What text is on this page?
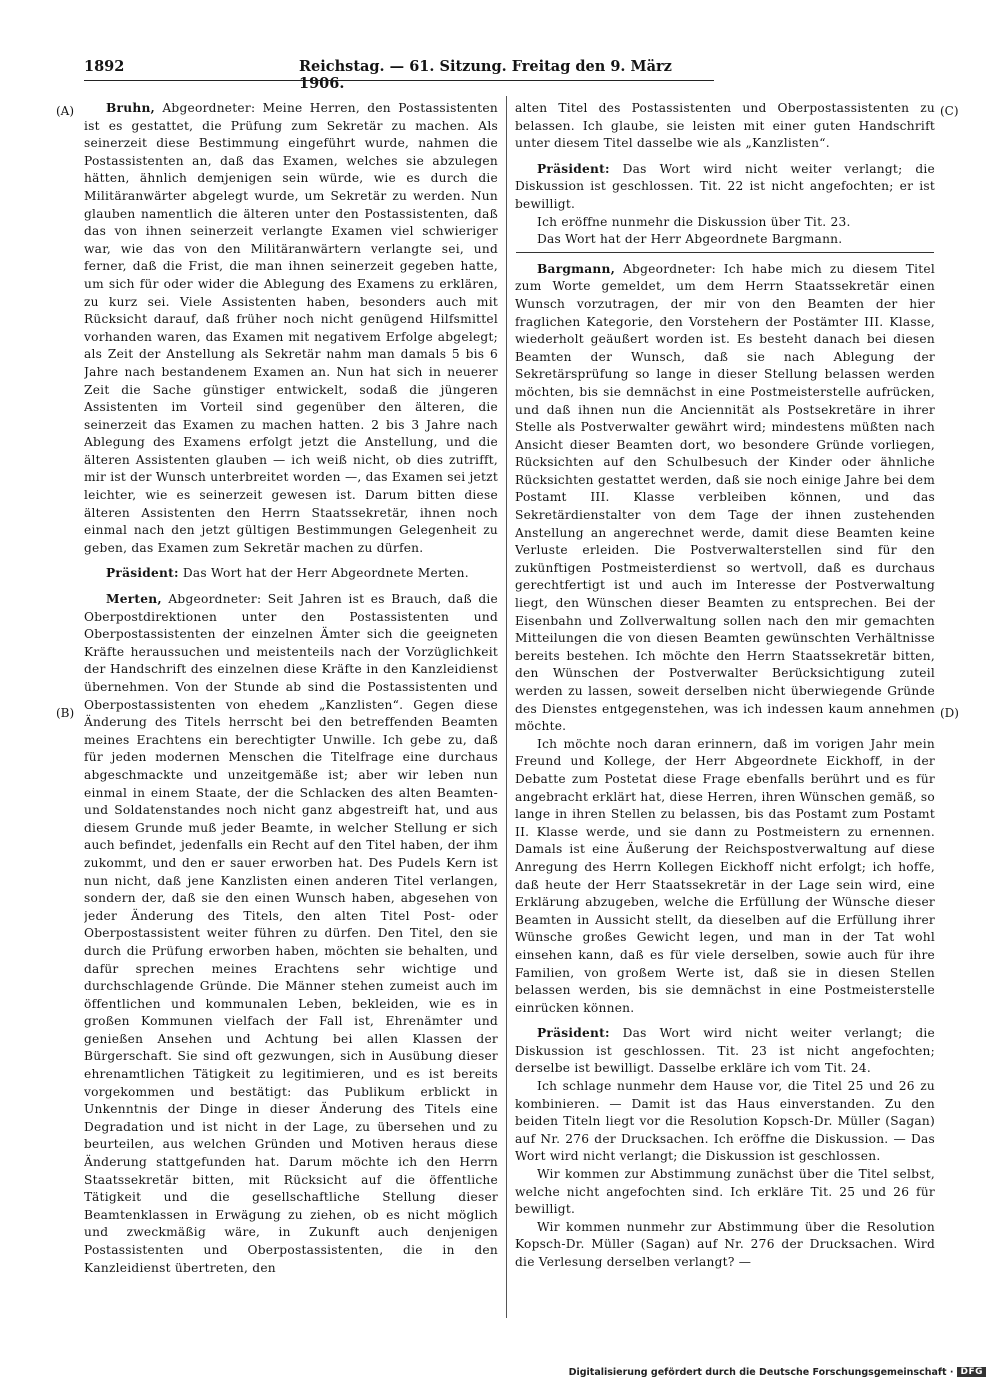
1892	Reichstag. — 61. Sitzung. Freitag den 9. März 1906.
(A)
(B)
(C)
(D)

Bruhn, Abgeordneter: Meine Herren, den Postassistenten ist es gestattet, die Prüfung zum Sekretär zu machen. Als seinerzeit diese Bestimmung eingeführt wurde, nahmen die Postassistenten an, daß das Examen, welches sie abzulegen hätten, ähnlich demjenigen sein würde, wie es durch die Militäranwärter abgelegt wurde, um Sekretär zu werden. Nun glauben namentlich die älteren unter den Postassistenten, daß das von ihnen seinerzeit verlangte Examen viel schwieriger war, wie das von den Militäranwärtern verlangte sei, und ferner, daß die Frist, die man ihnen seinerzeit gegeben hatte, um sich für oder wider die Ablegung des Examens zu erklären, zu kurz sei. Viele Assistenten haben, besonders auch mit Rücksicht darauf, daß früher noch nicht genügend Hilfsmittel vorhanden waren, das Examen mit negativem Erfolge abgelegt; als Zeit der Anstellung als Sekretär nahm man damals 5 bis 6 Jahre nach bestandenem Examen an. Nun hat sich in neuerer Zeit die Sache günstiger entwickelt, sodaß die jüngeren Assistenten im Vorteil sind gegenüber den älteren, die seinerzeit das Examen zu machen hatten. 2 bis 3 Jahre nach Ablegung des Examens erfolgt jetzt die Anstellung, und die älteren Assistenten glauben — ich weiß nicht, ob dies zutrifft, mir ist der Wunsch unterbreitet worden —, das Examen sei jetzt leichter, wie es seinerzeit gewesen ist. Darum bitten diese älteren Assistenten den Herrn Staatssekretär, ihnen noch einmal nach den jetzt gültigen Bestimmungen Gelegenheit zu geben, das Examen zum Sekretär machen zu dürfen.

Präsident: Das Wort hat der Herr Abgeordnete Merten.

Merten, Abgeordneter: Seit Jahren ist es Brauch, daß die Oberpostdirektionen unter den Postassistenten und Oberpostassistenten der einzelnen Ämter sich die geeigneten Kräfte heraussuchen und meistenteils nach der Vorzüglichkeit der Handschrift des einzelnen diese Kräfte in den Kanzleidienst übernehmen. Von der Stunde ab sind die Postassistenten und Oberpostassistenten von ehedem „Kanzlisten“. Gegen diese Änderung des Titels herrscht bei den betreffenden Beamten meines Erachtens ein berechtigter Unwille. Ich gebe zu, daß für jeden modernen Menschen die Titelfrage eine durchaus abgeschmackte und unzeitgemäße ist; aber wir leben nun einmal in einem Staate, der die Schlacken des alten Beamten- und Soldatenstandes noch nicht ganz abgestreift hat, und aus diesem Grunde muß jeder Beamte, in welcher Stellung er sich auch befindet, jedenfalls ein Recht auf den Titel haben, der ihm zukommt, und den er sauer erworben hat. Des Pudels Kern ist nun nicht, daß jene Kanzlisten einen anderen Titel verlangen, sondern der, daß sie den einen Wunsch haben, abgesehen von jeder Änderung des Titels, den alten Titel Post- oder Oberpostassistent weiter führen zu dürfen. Den Titel, den sie durch die Prüfung erworben haben, möchten sie behalten, und dafür sprechen meines Erachtens sehr wichtige und durchschlagende Gründe. Die Männer stehen zumeist auch im öffentlichen und kommunalen Leben, bekleiden, wie es in großen Kommunen vielfach der Fall ist, Ehrenämter und genießen Ansehen und Achtung bei allen Klassen der Bürgerschaft. Sie sind oft gezwungen, sich in Ausübung dieser ehrenamtlichen Tätigkeit zu legitimieren, und es ist bereits vorgekommen und bestätigt: das Publikum erblickt in Unkenntnis der Dinge in dieser Änderung des Titels eine Degradation und ist nicht in der Lage, zu übersehen und zu beurteilen, aus welchen Gründen und Motiven heraus diese Änderung stattgefunden hat. Darum möchte ich den Herrn Staatssekretär bitten, mit Rücksicht auf die öffentliche Tätigkeit und die gesellschaftliche Stellung dieser Beamtenklassen in Erwägung zu ziehen, ob es nicht möglich und zweckmäßig wäre, in Zukunft auch denjenigen Postassistenten und Oberpostassistenten, die in den Kanzleidienst übertreten, den

alten Titel des Postassistenten und Oberpostassistenten zu belassen. Ich glaube, sie leisten mit einer guten Handschrift unter diesem Titel dasselbe wie als „Kanzlisten“.

Präsident: Das Wort wird nicht weiter verlangt; die Diskussion ist geschlossen. Tit. 22 ist nicht angefochten; er ist bewilligt.

Ich eröffne nunmehr die Diskussion über Tit. 23.

Das Wort hat der Herr Abgeordnete Bargmann.

Bargmann, Abgeordneter: Ich habe mich zu diesem Titel zum Worte gemeldet, um dem Herrn Staatssekretär einen Wunsch vorzutragen, der mir von den Beamten der hier fraglichen Kategorie, den Vorstehern der Postämter III. Klasse, wiederholt geäußert worden ist. Es besteht danach bei diesen Beamten der Wunsch, daß sie nach Ablegung der Sekretärsprüfung so lange in dieser Stellung belassen werden möchten, bis sie demnächst in eine Postmeisterstelle aufrücken, und daß ihnen nun die Anciennität als Postsekretäre in ihrer Stelle als Postverwalter gewährt wird; mindestens müßten nach Ansicht dieser Beamten dort, wo besondere Gründe vorliegen, Rücksichten auf den Schulbesuch der Kinder oder ähnliche Rücksichten gestattet werden, daß sie noch einige Jahre bei dem Postamt III. Klasse verbleiben können, und das Sekretärdienstalter von dem Tage der ihnen zustehenden Anstellung an angerechnet werde, damit diese Beamten keine Verluste erleiden. Die Postverwalterstellen sind für den zukünftigen Postmeisterdienst so wertvoll, daß es durchaus gerechtfertigt ist und auch im Interesse der Postverwaltung liegt, den Wünschen dieser Beamten zu entsprechen. Bei der Eisenbahn und Zollverwaltung sollen nach den mir gemachten Mitteilungen die von diesen Beamten gewünschten Verhältnisse bereits bestehen. Ich möchte den Herrn Staatssekretär bitten, den Wünschen der Postverwalter Berücksichtigung zuteil werden zu lassen, soweit derselben nicht überwiegende Gründe des Dienstes entgegenstehen, was ich indessen kaum annehmen möchte.

Ich möchte noch daran erinnern, daß im vorigen Jahr mein Freund und Kollege, der Herr Abgeordnete Eickhoff, in der Debatte zum Postetat diese Frage ebenfalls berührt und es für angebracht erklärt hat, diese Herren, ihren Wünschen gemäß, so lange in ihren Stellen zu belassen, bis das Postamt zum Postamt II. Klasse werde, und sie dann zu Postmeistern zu ernennen. Damals ist eine Äußerung der Reichspostverwaltung auf diese Anregung des Herrn Kollegen Eickhoff nicht erfolgt; ich hoffe, daß heute der Herr Staatssekretär in der Lage sein wird, eine Erklärung abzugeben, welche die Erfüllung der Wünsche dieser Beamten in Aussicht stellt, da dieselben auf die Erfüllung ihrer Wünsche großes Gewicht legen, und man in der Tat wohl einsehen kann, daß es für viele derselben, sowie auch für ihre Familien, von großem Werte ist, daß sie in diesen Stellen belassen werden, bis sie demnächst in eine Postmeisterstelle einrücken können.

Präsident: Das Wort wird nicht weiter verlangt; die Diskussion ist geschlossen. Tit. 23 ist nicht angefochten; derselbe ist bewilligt. Dasselbe erkläre ich vom Tit. 24.

Ich schlage nunmehr dem Hause vor, die Titel 25 und 26 zu kombinieren. — Damit ist das Haus einverstanden. Zu den beiden Titeln liegt vor die Resolution Kopsch-Dr. Müller (Sagan) auf Nr. 276 der Drucksachen. Ich eröffne die Diskussion. — Das Wort wird nicht verlangt; die Diskussion ist geschlossen.

Wir kommen zur Abstimmung zunächst über die Titel selbst, welche nicht angefochten sind. Ich erkläre Tit. 25 und 26 für bewilligt.

Wir kommen nunmehr zur Abstimmung über die Resolution Kopsch-Dr. Müller (Sagan) auf Nr. 276 der Drucksachen. Wird die Verlesung derselben verlangt? —

Digitalisierung gefördert durch die Deutsche Forschungsgemeinschaft · DFG
